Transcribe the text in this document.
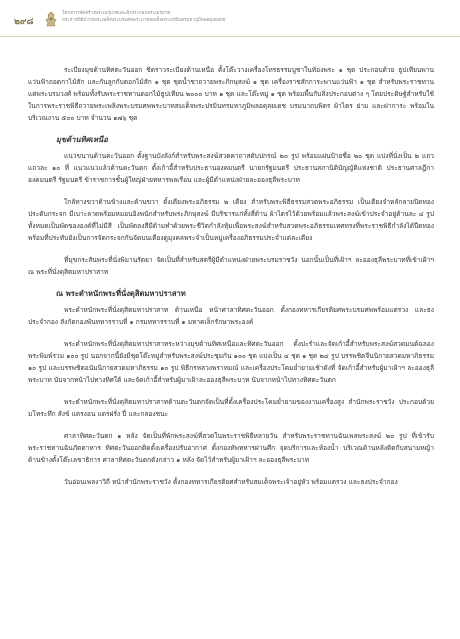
๒๙๘
โครงการจัดสร้างพระเมรุมาศและสิ่งประกอบพระเมรุมาศ
พระราชพิธีถวายพระเพลิงพระบรมศพพระบาทสมเด็จพระปรมินทรมหาภูมิพลอดุลยเดช

ระเบียงมุขด้านทิศตะวันออก ชิดราวระเบียงด้านเหนือ ตั้งโต๊ะวางเครื่องโทรธรรมบูชาในท้องพระ ๑ ชุด ประกอบด้วย ธูปเทียนพานแว่นฟ้าถอดกาไม้สัก และกันลูกกับดอกไม้สัก ๑ ชุด ชุดน้ำชาถวายพระภิกษุสงฆ์ ๑ ชุด เครื่องราชสักการะพานแว่นฟ้า ๑ ชุด สำหรับพระราชทานแด่พระบรมวงศ์ พร้อมทั้งรับพระราชทานดอกไม้ธูปเทียน ๒๐๐๐ บาท ๑ ชุด และโต๊ะหมู่ ๑ ชุด พร้อมพื้นกับสิ่งประกอบต่าง ๆ โดยประดิษฐ์สำหรับใช้ในการพระราชพิธีถวายพระเพลิงพระบรมศพพระบาทสมเด็จพระปรมินทรมหาภูมิพลอดุลยเดช บรมนาถบพิตร ผ้าไตร ย่าม และฝาการะ พร้อมในบริเวณงาน ๕๐๐ บาท จำนวน ๑๗๖ ชุด

มุขด้านทิศเหนือ

แนวขนานด้านตะวันออก ตั้งฐานบังลังก์สำหรับพระสงฆ์สวดคาถาสดับปกรณ์ ๒๐ รูป พร้อมแผ่นป้ายชื่อ ๒๐ ชุด แบ่งที่นั่งเป็น ๒ แถว แถวละ ๑๐ ที่ แนวแนวแล้วด้านตะวันตก ตั้งเก้าอี้สำหรับประธานองคมนตรี นายกรัฐมนตรี ประธานสภานิติบัญญัติแห่งชาติ ประธานศาลฎีกา องคมนตรี รัฐมนตรี ข้าราชการชั้นผู้ใหญ่ฝ่ายทหารพลเรือน และผู้มีตำแหน่งฝ่ายละอองธุลีพระบาท

ใกล้ทางขวาด้านข้างและด้านขวา ตั้งเตียงพระอภิธรรม ๒ เตียง สำหรับพระพิธีธรรมสวดพระอภิธรรม เป็นเตียงจำหลักลายปิดทองประดับกระจก มีเบาะลาดพร้อมหมอนอิงพนักสำหรับพระภิกษุสงฆ์ มีบริขารแก่ทั้งสี่ด้าน ผ้าไตรไว้ด้วยพร้อมแล้วพระสงฆ์เข้าประจำอยู่ด้านละ ๔ รูป ทั้งหมดเป็นพัดขององค์ที่ไม่มีสี เป็นพัดลงสีมีด้ามทำด้วยพระชีวิตกำลังหุ้มเพื่อพระสงฆ์สำหรับสวดพระอภิธรรมเทศทรงที่พระราชพิธีกำลังได้ปีดทอง พร้อมที่ประทับยังเป็นการจัดกระจกกันจัดบนเตียงดูมุงคลพระจำเป็นหมู่เครื่องอภิธรรมประจำแต่ละเตียง

ที่มุขกระสันพระที่นั่งพิมานรัตยา จัดเป็นที่สำหรับสตรีผู้มีตำแหน่งฝ่ายพระบรมราชวัง นอกนั้นเป็นที่เฝ้าฯ ละอองธุลีพระบาทที่เข้าเฝ้าฯ ณ พระที่นั่งดุสิตมหาปราสาท

ณ พระตำหนักพระที่นั่งดุสิตมหาปราสาท

พระตำหนักพระที่นั่งดุสิตมหาปราสาท ด้านเหนือ หน้าศาลาทิศตะวันออก ตั้งกองทหารเกียรติยศพระบรมศพพร้อมแตรวง และธงประจำกอง สังกัดกองพันทหารราบที่ ๑ กรมทหารราบที่ ๑ มหาดเล็กรักษาพระองค์

พระตำหนักพระที่นั่งดุสิตมหาปราสาทระหว่างมุขด้านทิศเหนือและทิศตะวันออก ตั้งปะรำและจัดเก้าอี้สำหรับพระสงฆ์สวดมนต์ฉลองพระพิมพ์รวม ๑๐๐ รูป นอกจากนี้ยังมีชุดโต๊ะหมู่สำหรับพระสงฆ์ประชุมกัน ๑๐๐ ชุด แบ่งเป็น ๔ ชุด ๑ ชุด ๒๔ รูป บรรพชิตจีนนิกายสวดมหาภิธรรม ๑๐ รูป และบรรพชิตอนัมนิกายสวดมหาภิธรรม ๑๐ รูป พิธีกรหลวงพราหมณ์ และเครื่องประโคมย่ำยามเช้าดังที่ จัดเก้าอี้สำหรับผู้มาเฝ้าฯ ละอองธุลีพระบาท นับจากหน้าไปทางทิศใต้ และจัดเก้าอี้สำหรับผู้มาเฝ้าละอองธุลีพระบาท นับจากหน้าไปทางทิศตะวันตก

พระตำหนักพระที่นั่งดุสิตมหาปราสาทด้านตะวันตกจัดเป็นที่ตั้งเครื่องประโคมย่ำยามของงานเครื่องสูง สำนักพระราชวัง ประกอบด้วย มโหระทึก สังข์ แตรงอน แตรฝรั่ง ปี่ และกลองชนะ

ศาลาทิศตะวันตก ๑ หลัง จัดเป็นที่พักพระสงฆ์ที่สวดในพระราชพิธีหลายวัน สำหรับพระราชทานฉันเพลพระสงฆ์ ๒๐ รูป ที่เข้ารับพระราชทานฉันภัตตาหาร ทิศตะวันออกติดตั้งเครื่องปรับอากาศ ตั้งกองทัพทหารผ่านศึก จุดบริการและห้องน้ำ บริเวณด้านหลังติดกับสนามหญ้าด้านข้างตั้งโต๊ะเลขาธิการ ศาลาทิศตะวันตกดังกล่าว ๑ หลัง จัดไว้สำหรับผู้มาเฝ้าฯ ละอองธุลีพระบาท

วันอ่อนเพลงาวิถี หน้าสำนักพระราชวัง ตั้งกองทหารเกียรติยศสำหรับสมเด็จพระเจ้าอยู่หัว พร้อมแตรวง และธงประจำกอง
